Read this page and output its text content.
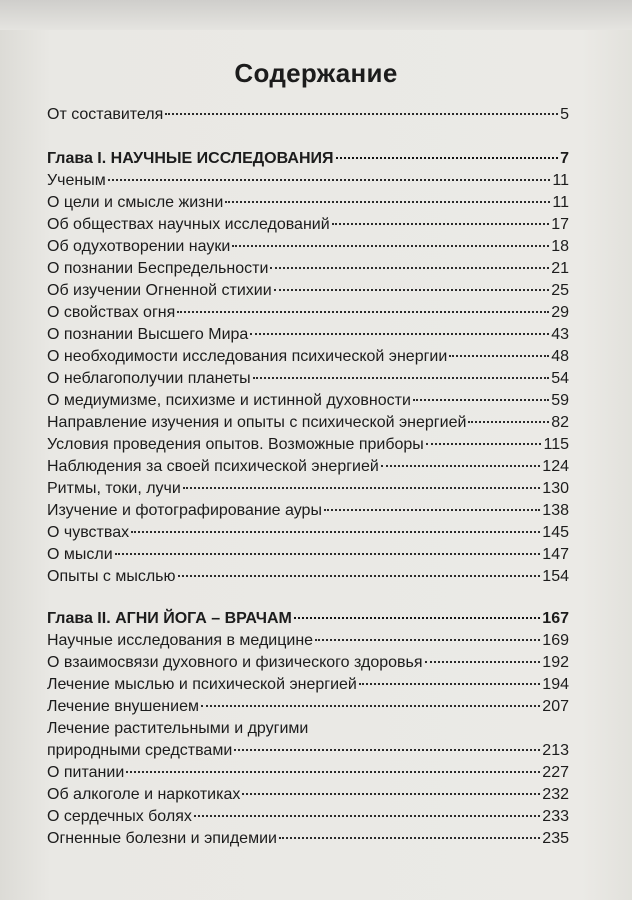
Содержание
От составителя	5
Глава I. НАУЧНЫЕ ИССЛЕДОВАНИЯ	7
Ученым	11
О цели и смысле жизни	11
Об обществах научных исследований	17
Об одухотворении науки	18
О познании Беспредельности	21
Об изучении Огненной стихии	25
О свойствах огня	29
О познании Высшего Мира	43
О необходимости исследования психической энергии	48
О неблагополучии планеты	54
О медиумизме, психизме и истинной духовности	59
Направление изучения и опыты с психической энергией	82
Условия проведения опытов. Возможные приборы	115
Наблюдения за своей психической энергией	124
Ритмы, токи, лучи	130
Изучение и фотографирование ауры	138
О чувствах	145
О мысли	147
Опыты с мыслью	154
Глава II. АГНИ ЙОГА – ВРАЧАМ	167
Научные исследования в медицине	169
О взаимосвязи духовного и физического здоровья	192
Лечение мыслью и психической энергией	194
Лечение внушением	207
Лечение растительными и другими
природными средствами	213
О питании	227
Об алкоголе и наркотиках	232
О сердечных болях	233
Огненные болезни и эпидемии	235
